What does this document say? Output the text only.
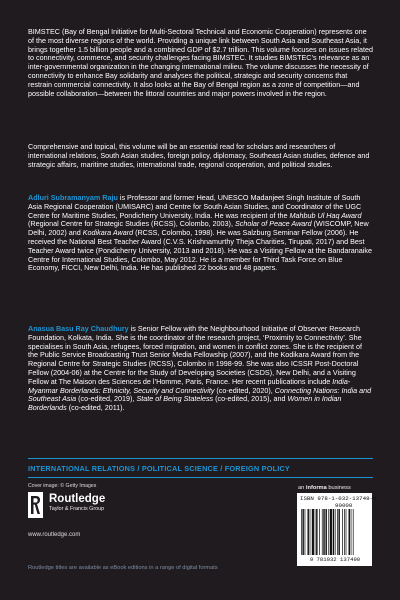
BIMSTEC (Bay of Bengal Initiative for Multi-Sectoral Technical and Economic Cooperation) represents one of the most diverse regions of the world. Providing a unique link between South Asia and Southeast Asia, it brings together 1.5 billion people and a combined GDP of $2.7 trillion. This volume focuses on issues related to connectivity, commerce, and security challenges facing BIMSTEC. It studies BIMSTEC’s relevance as an inter-governmental organization in the changing international milieu. The volume discusses the necessity of connectivity to enhance Bay solidarity and analyses the political, strategic and security concerns that restrain commercial connectivity. It also looks at the Bay of Bengal region as a zone of competition—and possible collaboration—between the littoral countries and major powers involved in the region.
Comprehensive and topical, this volume will be an essential read for scholars and researchers of international relations, South Asian studies, foreign policy, diplomacy, Southeast Asian studies, defence and strategic affairs, maritime studies, international trade, regional cooperation, and political studies.
Adluri Subramanyam Raju is Professor and former Head, UNESCO Madanjeet Singh Institute of South Asia Regional Cooperation (UMISARC) and Centre for South Asian Studies, and Coordinator of the UGC Centre for Maritime Studies, Pondicherry University, India. He was recipient of the Mahbub Ul Haq Award (Regional Centre for Strategic Studies (RCSS), Colombo, 2003), Scholar of Peace Award (WISCOMP, New Delhi, 2002) and Kodikara Award (RCSS, Colombo, 1998). He was Salzburg Seminar Fellow (2006). He received the National Best Teacher Award (C.V.S. Krishnamurthy Theja Charities, Tirupati, 2017) and Best Teacher Award twice (Pondicherry University, 2013 and 2018). He was a Visiting Fellow at the Bandaranaike Centre for International Studies, Colombo, May 2012. He is a member for Third Task Force on Blue Economy, FICCI, New Delhi, India. He has published 22 books and 48 papers.
Anasua Basu Ray Chaudhury is Senior Fellow with the Neighbourhood Initiative of Observer Research Foundation, Kolkata, India. She is the coordinator of the research project, ‘Proximity to Connectivity’. She specialises in South Asia, refugees, forced migration, and women in conflict zones. She is the recipient of the Public Service Broadcasting Trust Senior Media Fellowship (2007), and the Kodikara Award from the Regional Centre for Strategic Studies (RCSS), Colombo in 1998-99. She was also ICSSR Post-Doctoral Fellow (2004-06) at the Centre for the Study of Developing Societies (CSDS), New Delhi, and a Visiting Fellow at The Maison des Sciences de l’Homme, Paris, France. Her recent publications include India-Myanmar Borderlands: Ethnicity, Security and Connectivity (co-edited, 2020), Connecting Nations: India and Southeast Asia (co-edited, 2019), State of Being Stateless (co-edited, 2015), and Women in Indian Borderlands (co-edited, 2011).
INTERNATIONAL RELATIONS / POLITICAL SCIENCE / FOREIGN POLICY
Cover image: © Getty Images
Routledge
Taylor & Francis Group
www.routledge.com
an informa business
ISBN 978-1-032-13749-0
90000
9 781032 137490
Routledge titles are available as eBook editions in a range of digital formats
